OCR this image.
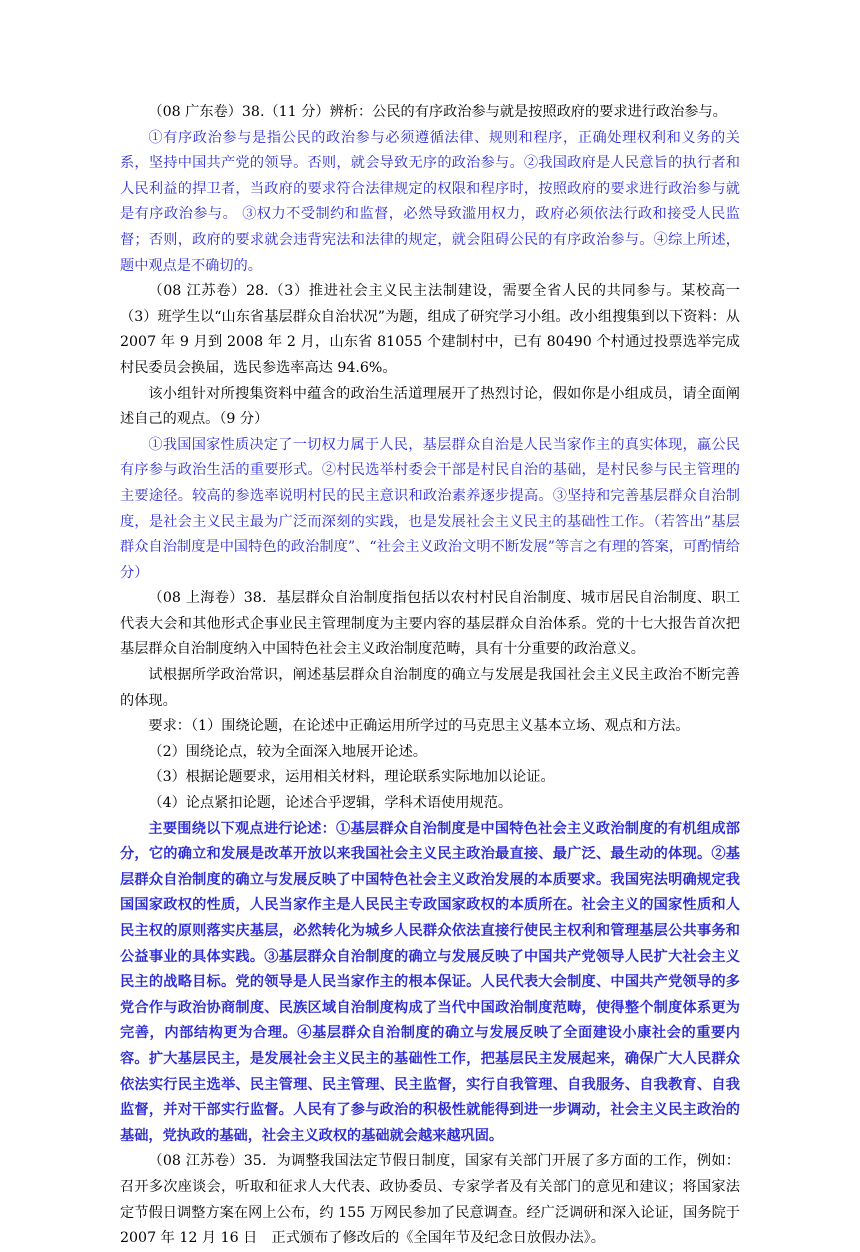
（08 广东卷）38.（11 分）辨析：公民的有序政治参与就是按照政府的要求进行政治参与。

①有序政治参与是指公民的政治参与必须遵循法律、规则和程序，正确处理权利和义务的关系，坚持中国共产党的领导。否则，就会导致无序的政治参与。②我国政府是人民意旨的执行者和人民利益的捍卫者，当政府的要求符合法律规定的权限和程序时，按照政府的要求进行政治参与就是有序政治参与。 ③权力不受制约和监督，必然导致滥用权力，政府必须依法行政和接受人民监督；否则，政府的要求就会违背宪法和法律的规定，就会阻碍公民的有序政治参与。④综上所述，题中观点是不确切的。

（08 江苏卷）28.（3）推进社会主义民主法制建设，需要全省人民的共同参与。某校高一（3）班学生以“山东省基层群众自治状况”为题，组成了研究学习小组。改小组搜集到以下资料：从 2007 年 9 月到 2008 年 2 月，山东省 81055 个建制村中，已有 80490 个村通过投票选举完成村民委员会换届，选民参选率高达 94.6%。

该小组针对所搜集资料中蕴含的政治生活道理展开了热烈讨论，假如你是小组成员，请全面阐述自己的观点。（9 分）

①我国国家性质决定了一切权力属于人民，基层群众自治是人民当家作主的真实体现，蠃公民有序参与政治生活的重要形式。②村民选举村委会干部是村民自治的基础，是村民参与民主管理的主要途径。较高的参选率说明村民的民主意识和政治素养逐步提高。③坚持和完善基层群众自治制度，是社会主义民主最为广泛而深刻的实践，也是发展社会主义民主的基础性工作。（若答出”基层群众自治制度是中国特色的政治制度”、“社会主义政治文明不断发展”等言之有理的答案，可酌情给分）

（08 上海卷）38．基层群众自治制度指包括以农村村民自治制度、城市居民自治制度、职工代表大会和其他形式企事业民主管理制度为主要内容的基层群众自治体系。党的十七大报告首次把基层群众自治制度纳入中国特色社会主义政治制度范畴，具有十分重要的政治意义。

试根据所学政治常识，阐述基层群众自治制度的确立与发展是我国社会主义民主政治不断完善的体现。

要求：（1）围绕论题，在论述中正确运用所学过的马克思主义基本立场、观点和方法。

（2）围绕论点，较为全面深入地展开论述。

（3）根据论题要求，运用相关材料，理论联系实际地加以论证。

（4）论点紧扣论题，论述合乎逻辑，学科术语使用规范。

主要围绕以下观点进行论述：①基层群众自治制度是中国特色社会主义政治制度的有机组成部分，它的确立和发展是改革开放以来我国社会主义民主政治最直接、最广泛、最生动的体现。②基层群众自治制度的确立与发展反映了中国特色社会主义政治发展的本质要求。我国宪法明确规定我国国家政权的性质，人民当家作主是人民民主专政国家政权的本质所在。社会主义的国家性质和人民主权的原则落实庆基层，必然转化为城乡人民群众依法直接行使民主权利和管理基层公共事务和公益事业的具体实践。③基层群众自治制度的确立与发展反映了中国共产党领导人民扩大社会主义民主的战略目标。党的领导是人民当家作主的根本保证。人民代表大会制度、中国共产党领导的多党合作与政治协商制度、民族区域自治制度构成了当代中国政治制度范畴，使得整个制度体系更为完善，内部结构更为合理。④基层群众自治制度的确立与发展反映了全面建设小康社会的重要内容。扩大基层民主，是发展社会主义民主的基础性工作，把基层民主发展起来，确保广大人民群众依法实行民主选举、民主管理、民主管理、民主监督，实行自我管理、自我服务、自我教育、自我监督，并对干部实行监督。人民有了参与政治的积极性就能得到进一步调动，社会主义民主政治的基础，党执政的基础，社会主义政权的基础就会越来越巩固。

（08 江苏卷）35．为调整我国法定节假日制度，国家有关部门开展了多方面的工作，例如：召开多次座谈会，听取和征求人大代表、政协委员、专家学者及有关部门的意见和建议；将国家法定节假日调整方案在网上公布，约 155 万网民参加了民意调查。经广泛调研和深入论证，国务院于 2007 年 12 月 16 日　正式颁布了修改后的《全国年节及纪念日放假办法》。
